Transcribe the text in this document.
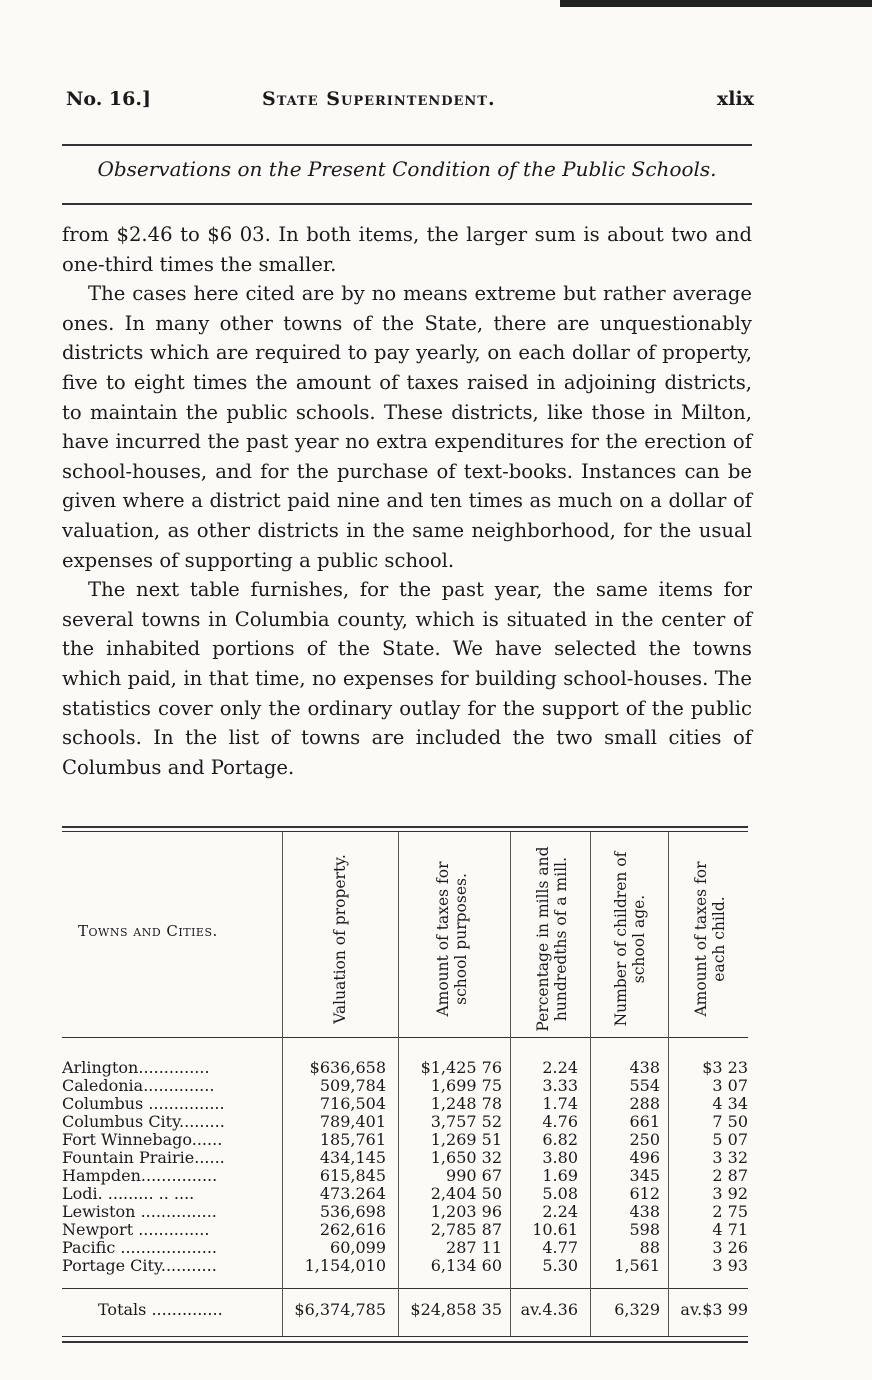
No. 16.]	State Superintendent.	xlix
Observations on the Present Condition of the Public Schools.

from $2.46 to $6 03. In both items, the larger sum is about two and one-third times the smaller.

The cases here cited are by no means extreme but rather average ones. In many other towns of the State, there are unquestionably districts which are required to pay yearly, on each dollar of property, five to eight times the amount of taxes raised in adjoining districts, to maintain the public schools. These districts, like those in Milton, have incurred the past year no extra expenditures for the erection of school-houses, and for the purchase of text-books. Instances can be given where a district paid nine and ten times as much on a dollar of valuation, as other districts in the same neighborhood, for the usual expenses of supporting a public school.

The next table furnishes, for the past year, the same items for several towns in Columbia county, which is situated in the center of the inhabited portions of the State. We have selected the towns which paid, in that time, no expenses for building school-houses. The statistics cover only the ordinary outlay for the support of the public schools. In the list of towns are included the two small cities of Columbus and Portage.

Towns and Cities.	Valuation of property.	Amount of taxes for school purposes.	Percentage in mills and hundredths of a mill.	Number of children of school age.	Amount of taxes for each child.
Arlington..............	$636,658	$1,425 76	2.24	438	$3 23
Caledonia..............	509,784	1,699 75	3.33	554	3 07
Columbus ...............	716,504	1,248 78	1.74	288	4 34
Columbus City.........	789,401	3,757 52	4.76	661	7 50
Fort Winnebago......	185,761	1,269 51	6.82	250	5 07
Fountain Prairie......	434,145	1,650 32	3.80	496	3 32
Hampden...............	615,845	990 67	1.69	345	2 87
Lodi. ......... .. ....	473.264	2,404 50	5.08	612	3 92
Lewiston ...............	536,698	1,203 96	2.24	438	2 75
Newport ..............	262,616	2,785 87	10.61	598	4 71
Pacific ...................	60,099	287 11	4.77	88	3 26
Portage City...........	1,154,010	6,134 60	5.30	1,561	3 93
Totals ..............	$6,374,785 $24,858 35	av.4.36	6,329	av.$3 99
